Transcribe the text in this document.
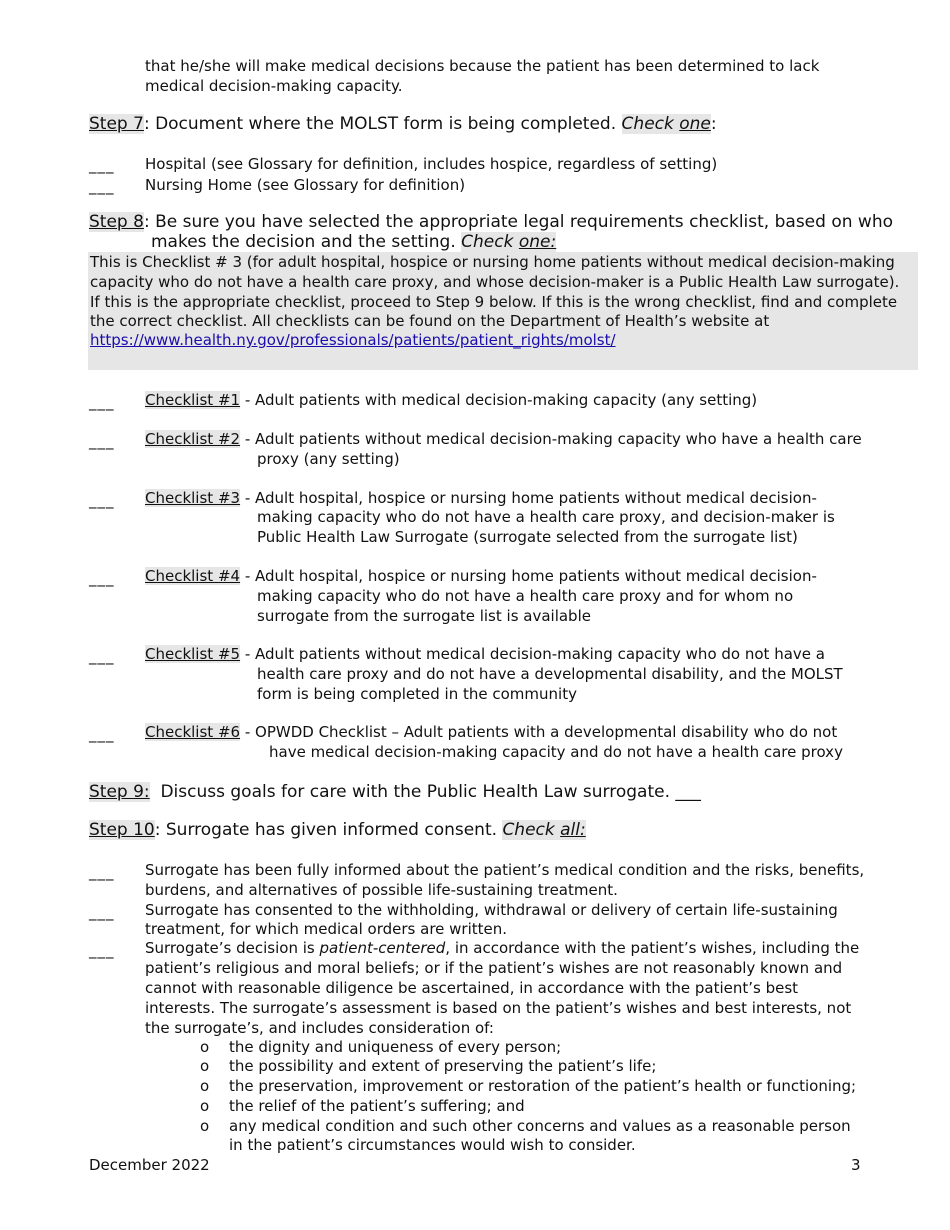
that he/she will make medical decisions because the patient has been determined to lack
medical decision-making capacity.
Step 7: Document where the MOLST form is being completed. Check one:
___ Hospital (see Glossary for definition, includes hospice, regardless of setting)
___ Nursing Home (see Glossary for definition)
Step 8: Be sure you have selected the appropriate legal requirements checklist, based on who
makes the decision and the setting. Check one:
This is Checklist # 3 (for adult hospital, hospice or nursing home patients without medical decision-making
capacity who do not have a health care proxy, and whose decision-maker is a Public Health Law surrogate).
If this is the appropriate checklist, proceed to Step 9 below. If this is the wrong checklist, find and complete
the correct checklist. All checklists can be found on the Department of Health’s website at
https://www.health.ny.gov/professionals/patients/patient_rights/molst/
___ Checklist #1 - Adult patients with medical decision-making capacity (any setting)
___ Checklist #2 - Adult patients without medical decision-making capacity who have a health care
proxy (any setting)
___ Checklist #3 - Adult hospital, hospice or nursing home patients without medical decision-
making capacity who do not have a health care proxy, and decision-maker is
Public Health Law Surrogate (surrogate selected from the surrogate list)
___ Checklist #4 - Adult hospital, hospice or nursing home patients without medical decision-
making capacity who do not have a health care proxy and for whom no
surrogate from the surrogate list is available
___ Checklist #5 - Adult patients without medical decision-making capacity who do not have a
health care proxy and do not have a developmental disability, and the MOLST
form is being completed in the community
___ Checklist #6 - OPWDD Checklist – Adult patients with a developmental disability who do not
have medical decision-making capacity and do not have a health care proxy
Step 9: Discuss goals for care with the Public Health Law surrogate. ___
Step 10: Surrogate has given informed consent. Check all:
___ Surrogate has been fully informed about the patient’s medical condition and the risks, benefits,
burdens, and alternatives of possible life-sustaining treatment.
___ Surrogate has consented to the withholding, withdrawal or delivery of certain life-sustaining
treatment, for which medical orders are written.
___ Surrogate’s decision is patient-centered, in accordance with the patient’s wishes, including the
patient’s religious and moral beliefs; or if the patient’s wishes are not reasonably known and
cannot with reasonable diligence be ascertained, in accordance with the patient’s best
interests. The surrogate’s assessment is based on the patient’s wishes and best interests, not
the surrogate’s, and includes consideration of:
o the dignity and uniqueness of every person;
o the possibility and extent of preserving the patient’s life;
o the preservation, improvement or restoration of the patient’s health or functioning;
o the relief of the patient’s suffering; and
o any medical condition and such other concerns and values as a reasonable person
in the patient’s circumstances would wish to consider.
December 2022	3
